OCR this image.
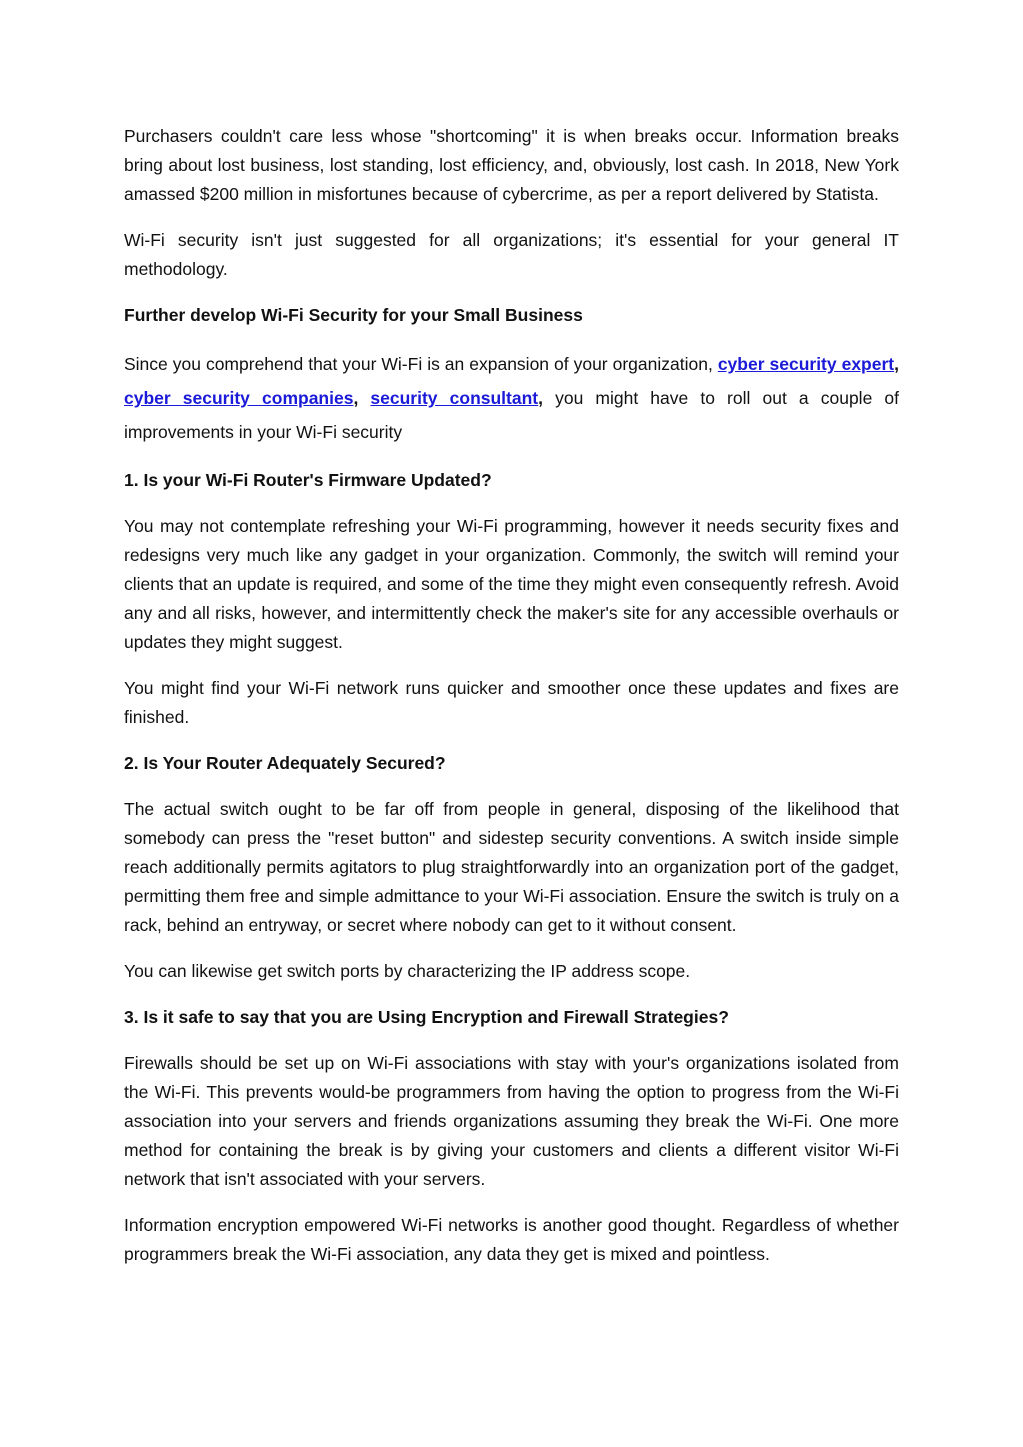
Purchasers couldn't care less whose "shortcoming" it is when breaks occur. Information breaks bring about lost business, lost standing, lost efficiency, and, obviously, lost cash. In 2018, New York amassed $200 million in misfortunes because of cybercrime, as per a report delivered by Statista.

Wi-Fi security isn't just suggested for all organizations; it's essential for your general IT methodology.

Further develop Wi-Fi Security for your Small Business

Since you comprehend that your Wi-Fi is an expansion of your organization, cyber security expert, cyber security companies, security consultant, you might have to roll out a couple of improvements in your Wi-Fi security

1. Is your Wi-Fi Router's Firmware Updated?

You may not contemplate refreshing your Wi-Fi programming, however it needs security fixes and redesigns very much like any gadget in your organization. Commonly, the switch will remind your clients that an update is required, and some of the time they might even consequently refresh. Avoid any and all risks, however, and intermittently check the maker's site for any accessible overhauls or updates they might suggest.

You might find your Wi-Fi network runs quicker and smoother once these updates and fixes are finished.

2. Is Your Router Adequately Secured?

The actual switch ought to be far off from people in general, disposing of the likelihood that somebody can press the "reset button" and sidestep security conventions. A switch inside simple reach additionally permits agitators to plug straightforwardly into an organization port of the gadget, permitting them free and simple admittance to your Wi-Fi association. Ensure the switch is truly on a rack, behind an entryway, or secret where nobody can get to it without consent.

You can likewise get switch ports by characterizing the IP address scope.

3. Is it safe to say that you are Using Encryption and Firewall Strategies?

Firewalls should be set up on Wi-Fi associations with stay with your's organizations isolated from the Wi-Fi. This prevents would-be programmers from having the option to progress from the Wi-Fi association into your servers and friends organizations assuming they break the Wi-Fi. One more method for containing the break is by giving your customers and clients a different visitor Wi-Fi network that isn't associated with your servers.

Information encryption empowered Wi-Fi networks is another good thought. Regardless of whether programmers break the Wi-Fi association, any data they get is mixed and pointless.
